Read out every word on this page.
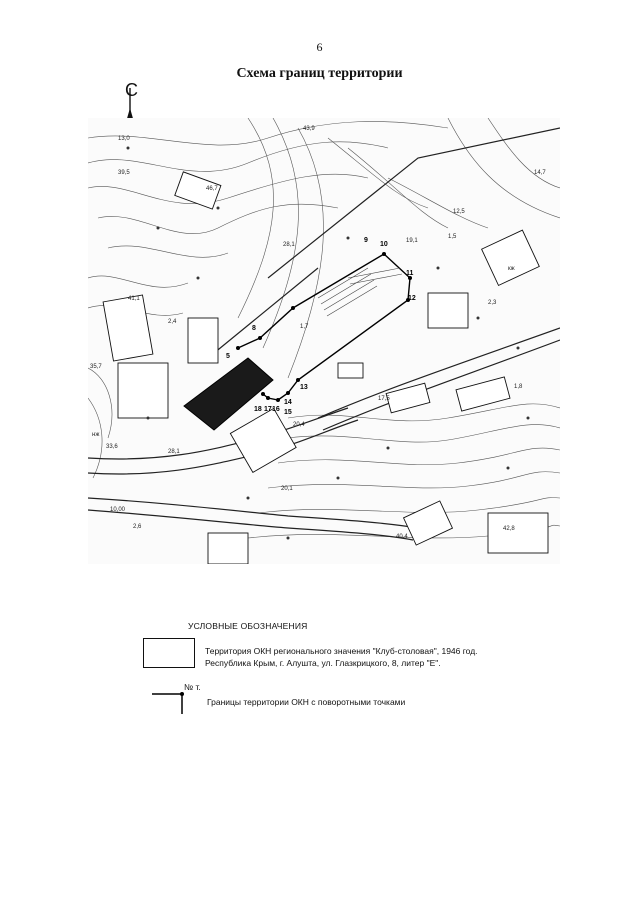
6
Схема границ территории
С
46,7
43,9
39,5
41,1
35,7
33,6
28,1
20,4
17,5
19,1
14,7
12,5
42,8
40,4
10,00
2,6
28,1
20,1
13,0
5
8
9
10
11
12
13
14
15
16
17
18
нж
1,7
2,4
1,5
2,3
1,8
кж
УСЛОВНЫЕ ОБОЗНАЧЕНИЯ
Территория ОКН регионального значения "Клуб-столовая", 1946 год.
Республика Крым, г. Алушта, ул. Глазкрицкого, 8, литер "Е".
№ т.
Границы территории ОКН с поворотными точками
